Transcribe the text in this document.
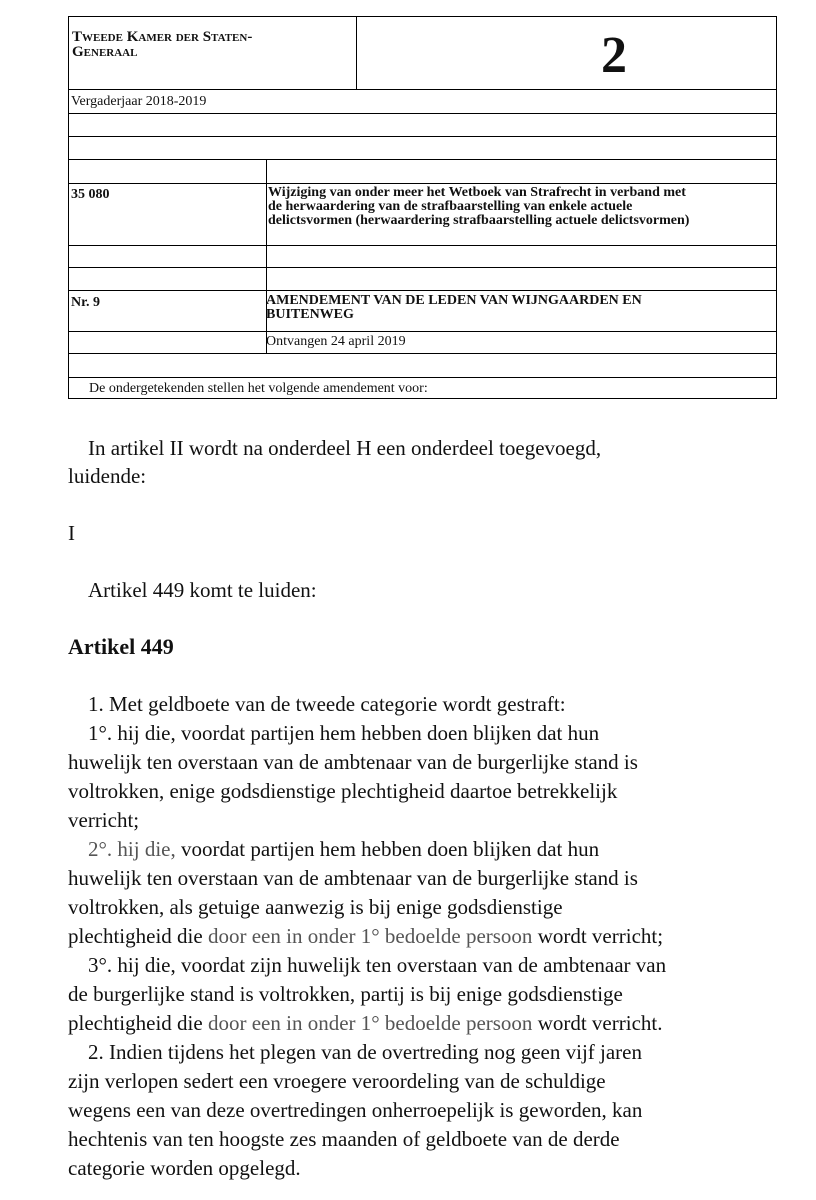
Tweede Kamer der Staten-
Generaal	2
Vergaderjaar 2018-2019
35 080	Wijziging van onder meer het Wetboek van Strafrecht in verband met
de herwaardering van de strafbaarstelling van enkele actuele
delictsvormen (herwaardering strafbaarstelling actuele delictsvormen)
Nr. 9	AMENDEMENT VAN DE LEDEN VAN WIJNGAARDEN EN
BUITENWEG
Ontvangen 24 april 2019
De ondergetekenden stellen het volgende amendement voor:
In artikel II wordt na onderdeel H een onderdeel toegevoegd,
luidende:
I
Artikel 449 komt te luiden:
Artikel 449
1. Met geldboete van de tweede categorie wordt gestraft:
1°. hij die, voordat partijen hem hebben doen blijken dat hun
huwelijk ten overstaan van de ambtenaar van de burgerlijke stand is
voltrokken, enige godsdienstige plechtigheid daartoe betrekkelijk
verricht;
2°. hij die, voordat partijen hem hebben doen blijken dat hun
huwelijk ten overstaan van de ambtenaar van de burgerlijke stand is
voltrokken, als getuige aanwezig is bij enige godsdienstige
plechtigheid die door een in onder 1° bedoelde persoon wordt verricht;
3°. hij die, voordat zijn huwelijk ten overstaan van de ambtenaar van
de burgerlijke stand is voltrokken, partij is bij enige godsdienstige
plechtigheid die door een in onder 1° bedoelde persoon wordt verricht.
2. Indien tijdens het plegen van de overtreding nog geen vijf jaren
zijn verlopen sedert een vroegere veroordeling van de schuldige
wegens een van deze overtredingen onherroepelijk is geworden, kan
hechtenis van ten hoogste zes maanden of geldboete van de derde
categorie worden opgelegd.
